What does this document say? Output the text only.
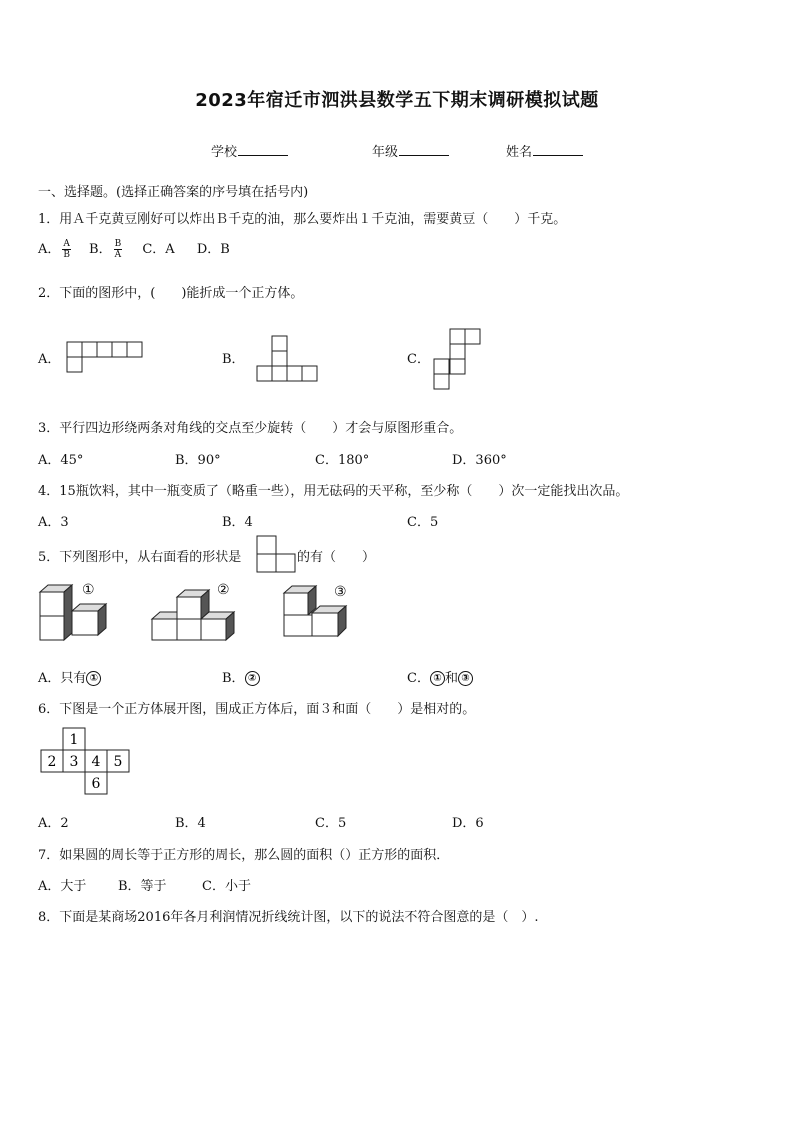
2023年宿迁市泗洪县数学五下期末调研模拟试题
学校	年级	姓名
一、选择题。(选择正确答案的序号填在括号内)
1．用Ａ千克黄豆刚好可以炸出Ｂ千克的油，那么要炸出１千克油，需要黄豆（　　）千克。
A． $\frac{A}{B}$ B． $\frac{B}{A}$ C．A D．B
2．下面的图形中，(　　)能折成一个正方体。
A．	B．	C．
3．平行四边形绕两条对角线的交点至少旋转（　　）才会与原图形重合。
A．45°	B．90°	C．180°	D．360°
4．15瓶饮料，其中一瓶变质了（略重一些），用无砝码的天平称，至少称（　　）次一定能找出次品。
A．3	B．4	C．5
5．下列图形中，从右面看的形状是	的有（　　）
①	②	③
A．只有 ①	B． ②	C． ① 和 ③
6．下图是一个正方体展开图，围成正方体后，面３和面（　　）是相对的。
1
2 3 4 5
6
A．2	B．4	C．5	D．6
7．如果圆的周长等于正方形的周长，那么圆的面积（）正方形的面积．
A．大于 B．等于	C．小于
8．下面是某商场2016年各月利润情况折线统计图，以下的说法不符合图意的是（　）.
